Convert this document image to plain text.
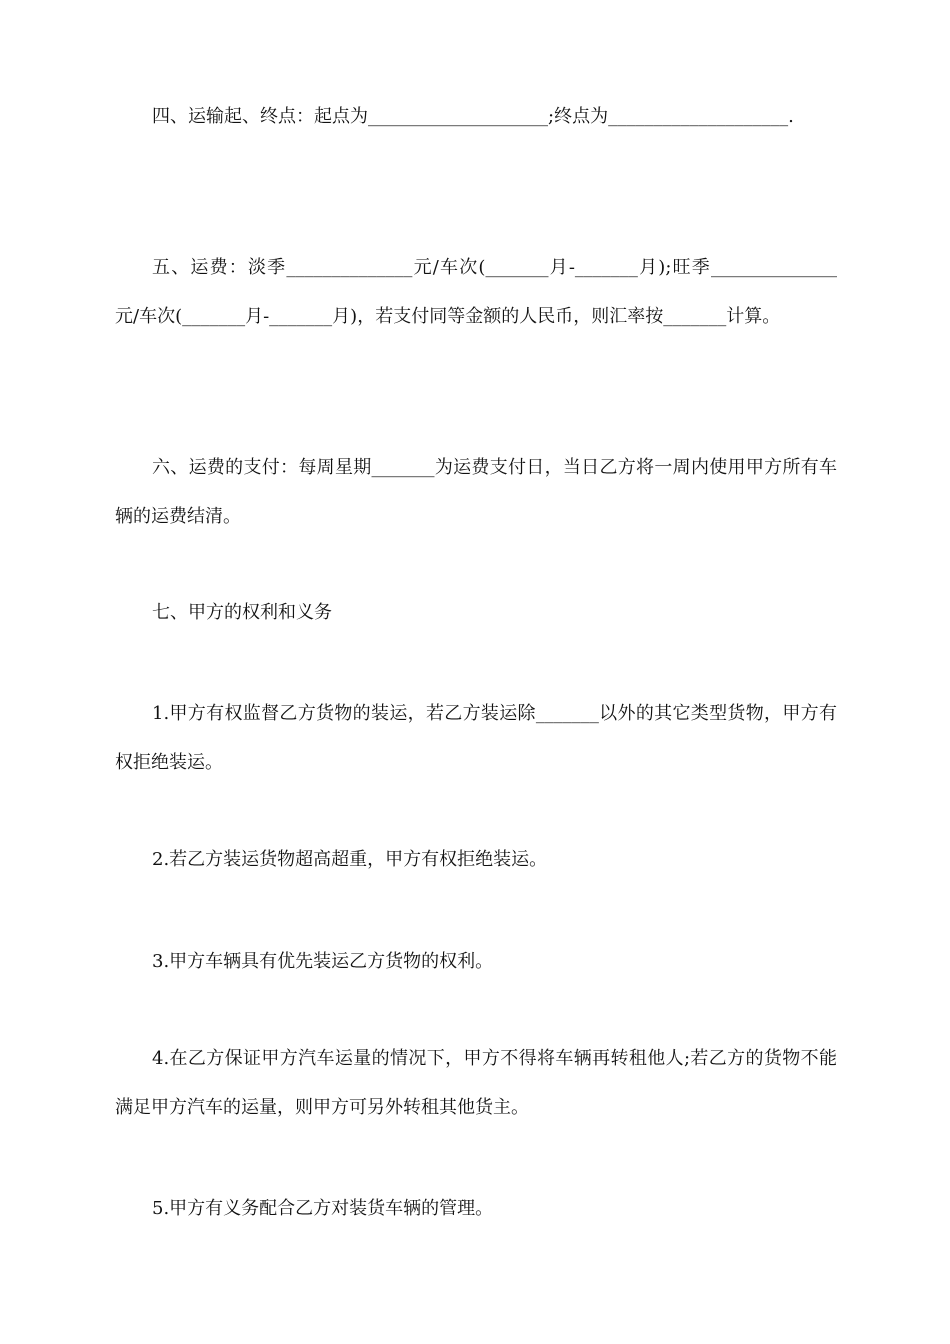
四、运输起、终点：起点为____________________;终点为____________________.

五、运费：淡季______________元/车次(_______月-_______月);旺季______________元/车次(_______月-_______月)，若支付同等金额的人民币，则汇率按_______计算。

六、运费的支付：每周星期_______为运费支付日，当日乙方将一周内使用甲方所有车辆的运费结清。

七、甲方的权利和义务

1.甲方有权监督乙方货物的装运，若乙方装运除_______以外的其它类型货物，甲方有权拒绝装运。

2.若乙方装运货物超高超重，甲方有权拒绝装运。

3.甲方车辆具有优先装运乙方货物的权利。

4.在乙方保证甲方汽车运量的情况下，甲方不得将车辆再转租他人;若乙方的货物不能满足甲方汽车的运量，则甲方可另外转租其他货主。

5.甲方有义务配合乙方对装货车辆的管理。
